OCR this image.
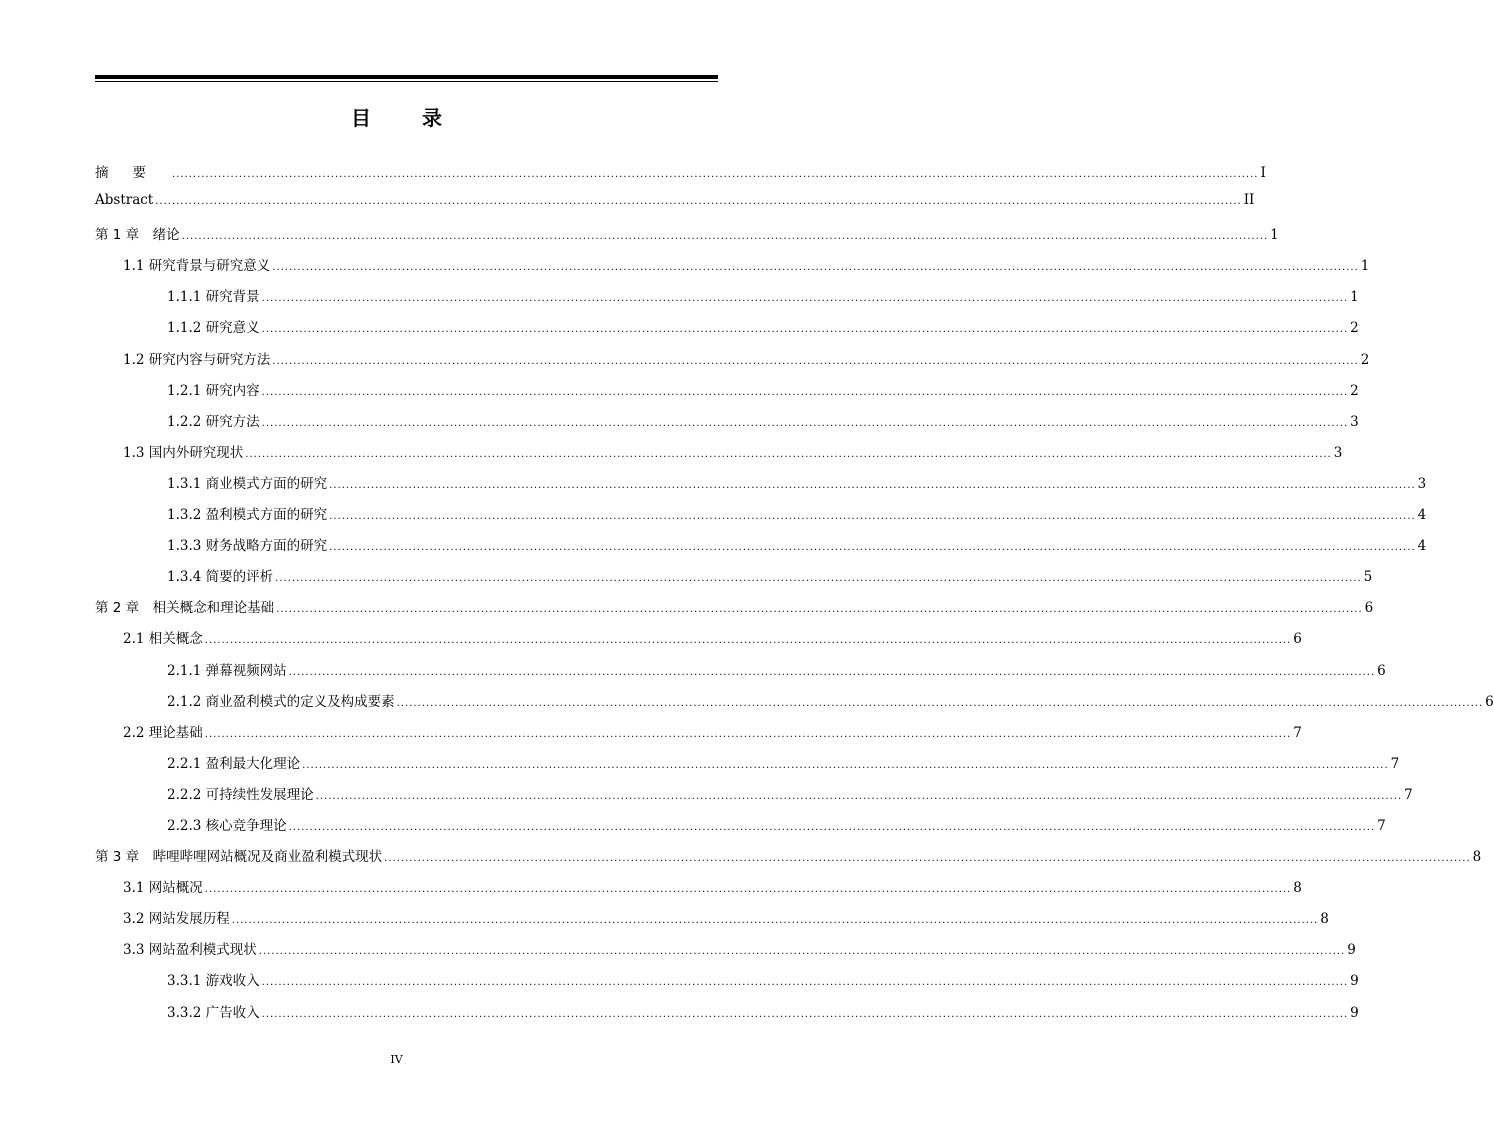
目 录
摘要 .................................................................................................................................................................................................................................................................... I
Abstract .................................................................................................................................................................................................................................................................... II
第 1 章　绪论 .................................................................................................................................................................................................................................................................... 1
1.1 研究背景与研究意义 .................................................................................................................................................................................................................................................................... 1
1.1.1 研究背景 .................................................................................................................................................................................................................................................................... 1
1.1.2 研究意义 .................................................................................................................................................................................................................................................................... 2
1.2 研究内容与研究方法 .................................................................................................................................................................................................................................................................... 2
1.2.1 研究内容 .................................................................................................................................................................................................................................................................... 2
1.2.2 研究方法 .................................................................................................................................................................................................................................................................... 3
1.3 国内外研究现状 .................................................................................................................................................................................................................................................................... 3
1.3.1 商业模式方面的研究 .................................................................................................................................................................................................................................................................... 3
1.3.2 盈利模式方面的研究 .................................................................................................................................................................................................................................................................... 4
1.3.3 财务战略方面的研究 .................................................................................................................................................................................................................................................................... 4
1.3.4 简要的评析 .................................................................................................................................................................................................................................................................... 5
第 2 章　相关概念和理论基础 .................................................................................................................................................................................................................................................................... 6
2.1 相关概念 .................................................................................................................................................................................................................................................................... 6
2.1.1 弹幕视频网站 .................................................................................................................................................................................................................................................................... 6
2.1.2 商业盈利模式的定义及构成要素 .................................................................................................................................................................................................................................................................... 6
2.2 理论基础 .................................................................................................................................................................................................................................................................... 7
2.2.1 盈利最大化理论 .................................................................................................................................................................................................................................................................... 7
2.2.2 可持续性发展理论 .................................................................................................................................................................................................................................................................... 7
2.2.3 核心竞争理论 .................................................................................................................................................................................................................................................................... 7
第 3 章　哔哩哔哩网站概况及商业盈利模式现状 .................................................................................................................................................................................................................................................................... 8
3.1 网站概况 .................................................................................................................................................................................................................................................................... 8
3.2 网站发展历程 .................................................................................................................................................................................................................................................................... 8
3.3 网站盈利模式现状 .................................................................................................................................................................................................................................................................... 9
3.3.1 游戏收入 .................................................................................................................................................................................................................................................................... 9
3.3.2 广告收入 .................................................................................................................................................................................................................................................................... 9
IV
